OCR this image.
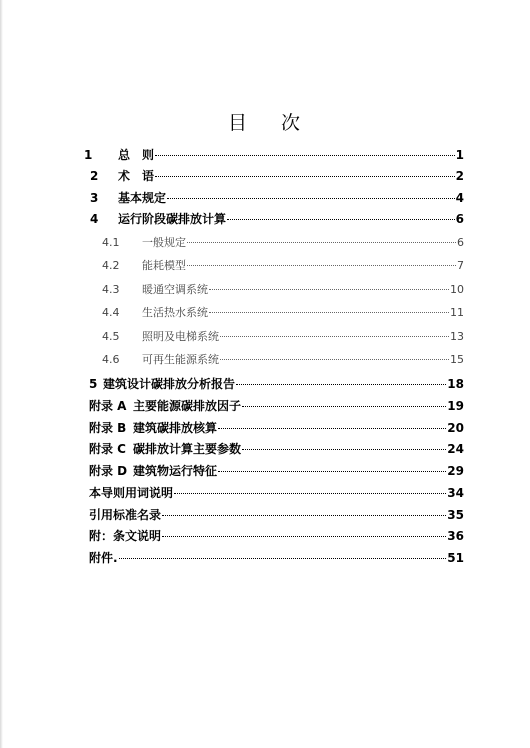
目 次
1	总　则	1
2	术　语	2
3	基本规定	4
4	运行阶段碳排放计算	6
4.1	一般规定	6
4.2	能耗模型	7
4.3	暖通空调系统	10
4.4	生活热水系统	11
4.5	照明及电梯系统	13
4.6	可再生能源系统	15
5 建筑设计碳排放分析报告	18
附录 A 主要能源碳排放因子	19
附录 B 建筑碳排放核算	20
附录 C 碳排放计算主要参数	24
附录 D 建筑物运行特征	29
本导则用词说明	34
引用标准名录	35
附：条文说明	36
附件.	51
